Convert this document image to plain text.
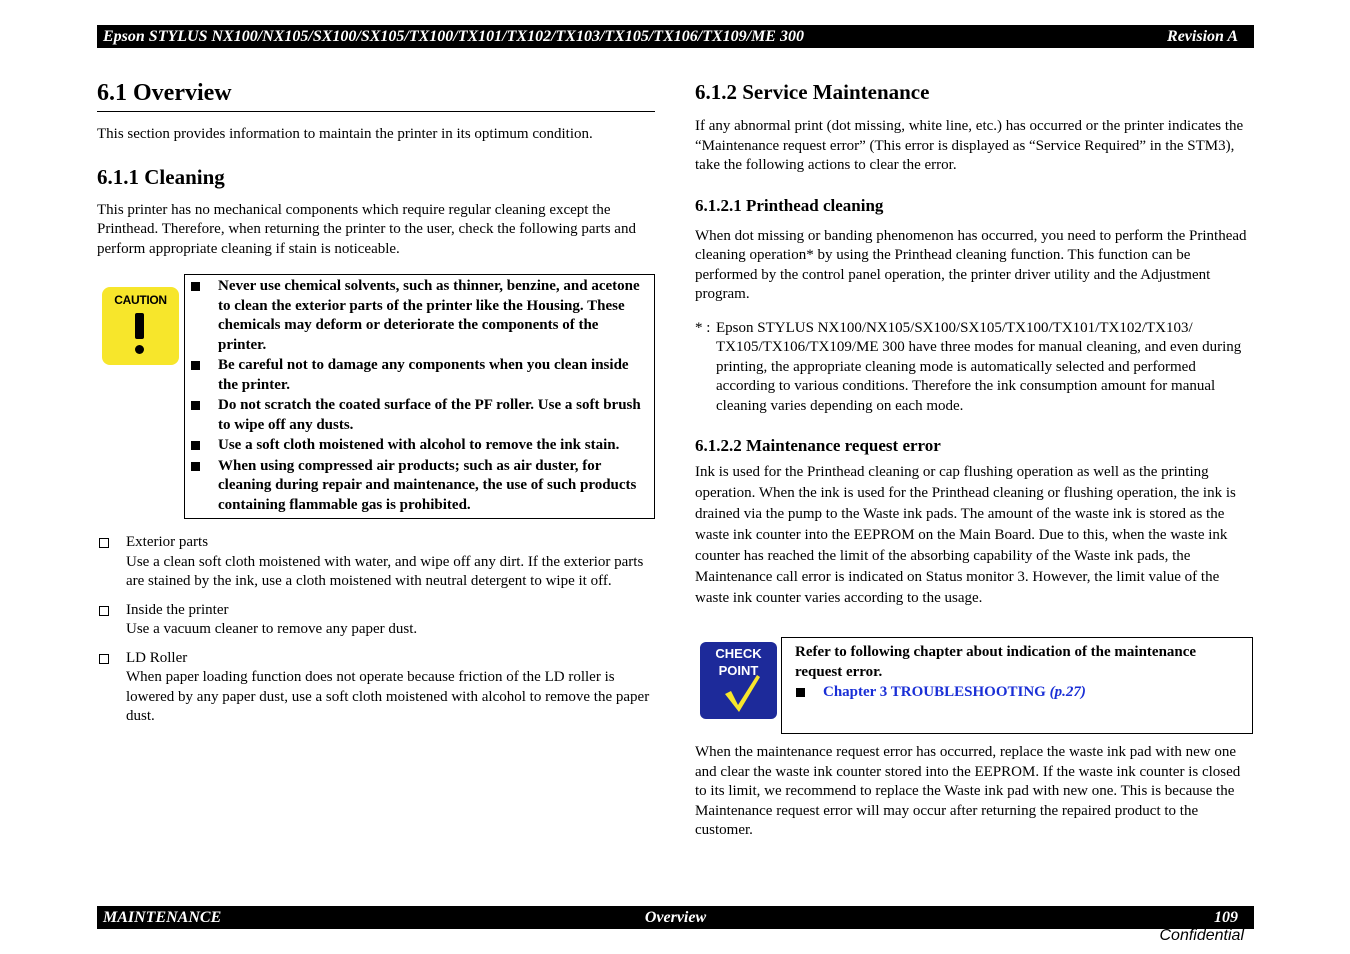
Epson STYLUS NX100/NX105/SX100/SX105/TX100/TX101/TX102/TX103/TX105/TX106/TX109/ME 300	Revision A
6.1 Overview

This section provides information to maintain the printer in its optimum condition.

6.1.1 Cleaning

This printer has no mechanical components which require regular cleaning except the Printhead. Therefore, when returning the printer to the user, check the following parts and perform appropriate cleaning if stain is noticeable.

Never use chemical solvents, such as thinner, benzine, and acetone to clean the exterior parts of the printer like the Housing. These chemicals may deform or deteriorate the components of the printer.
Be careful not to damage any components when you clean inside the printer.
Do not scratch the coated surface of the PF roller. Use a soft brush to wipe off any dusts.
Use a soft cloth moistened with alcohol to remove the ink stain.
When using compressed air products; such as air duster, for cleaning during repair and maintenance, the use of such products containing flammable gas is prohibited.

Exterior parts

Use a clean soft cloth moistened with water, and wipe off any dirt. If the exterior parts are stained by the ink, use a cloth moistened with neutral detergent to wipe it off.

Inside the printer

Use a vacuum cleaner to remove any paper dust.

LD Roller

When paper loading function does not operate because friction of the LD roller is lowered by any paper dust, use a soft cloth moistened with alcohol to remove the paper dust.

CAUTION
6.1.2 Service Maintenance

If any abnormal print (dot missing, white line, etc.) has occurred or the printer indicates the “Maintenance request error” (This error is displayed as “Service Required” in the STM3), take the following actions to clear the error.

6.1.2.1 Printhead cleaning

When dot missing or banding phenomenon has occurred, you need to perform the Printhead cleaning operation* by using the Printhead cleaning function. This function can be performed by the control panel operation, the printer driver utility and the Adjustment program.

* : Epson STYLUS NX100/NX105/SX100/SX105/TX100/TX101/TX102/TX103/ TX105/TX106/TX109/ME 300 have three modes for manual cleaning, and even during printing, the appropriate cleaning mode is automatically selected and performed according to various conditions. Therefore the ink consumption amount for manual cleaning varies depending on each mode.

6.1.2.2 Maintenance request error

Ink is used for the Printhead cleaning or cap flushing operation as well as the printing operation. When the ink is used for the Printhead cleaning or flushing operation, the ink is drained via the pump to the Waste ink pads. The amount of the waste ink is stored as the waste ink counter into the EEPROM on the Main Board. Due to this, when the waste ink counter has reached the limit of the absorbing capability of the Waste ink pads, the Maintenance call error is indicated on Status monitor 3. However, the limit value of the waste ink counter varies according to the usage.

Refer to following chapter about indication of the maintenance request error.

Chapter 3 TROUBLESHOOTING (p.27)

When the maintenance request error has occurred, replace the waste ink pad with new one and clear the waste ink counter stored into the EEPROM. If the waste ink counter is closed to its limit, we recommend to replace the Waste ink pad with new one. This is because the Maintenance request error will may occur after returning the repaired product to the customer.

CHECK
POINT
MAINTENANCE	Overview	109
Confidential
